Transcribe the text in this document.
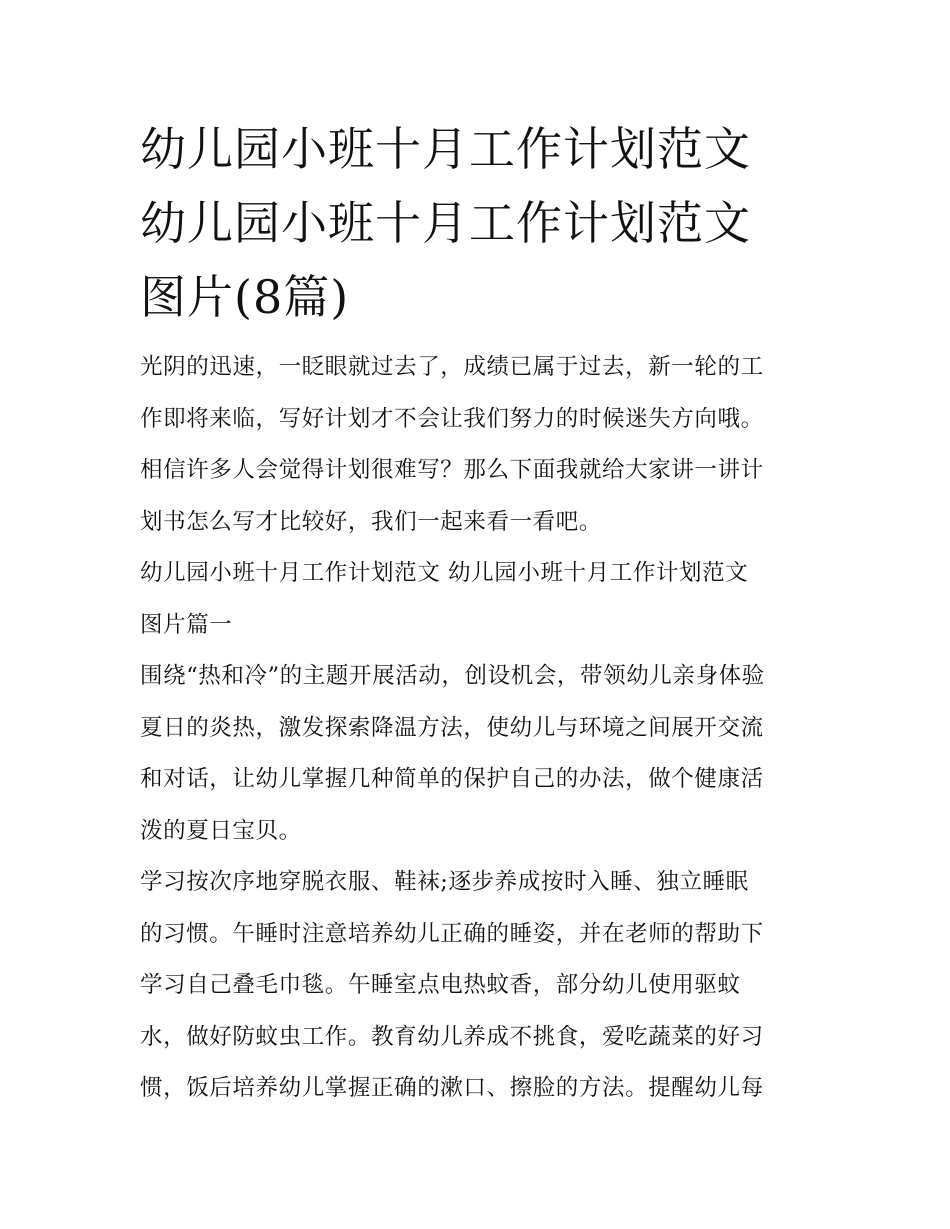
幼儿园小班十月工作计划范文
幼儿园小班十月工作计划范文
图片(8篇)

光阴的迅速，一眨眼就过去了，成绩已属于过去，新一轮的工
作即将来临，写好计划才不会让我们努力的时候迷失方向哦。
相信许多人会觉得计划很难写？那么下面我就给大家讲一讲计
划书怎么写才比较好，我们一起来看一看吧。

幼儿园小班十月工作计划范文 幼儿园小班十月工作计划范文
图片篇一

围绕“热和冷”的主题开展活动，创设机会，带领幼儿亲身体验
夏日的炎热，激发探索降温方法，使幼儿与环境之间展开交流
和对话，让幼儿掌握几种简单的保护自己的办法，做个健康活
泼的夏日宝贝。

学习按次序地穿脱衣服、鞋袜;逐步养成按时入睡、独立睡眠
的习惯。午睡时注意培养幼儿正确的睡姿，并在老师的帮助下
学习自己叠毛巾毯。午睡室点电热蚊香，部分幼儿使用驱蚊
水，做好防蚊虫工作。教育幼儿养成不挑食，爱吃蔬菜的好习
惯，饭后培养幼儿掌握正确的漱口、擦脸的方法。提醒幼儿每
